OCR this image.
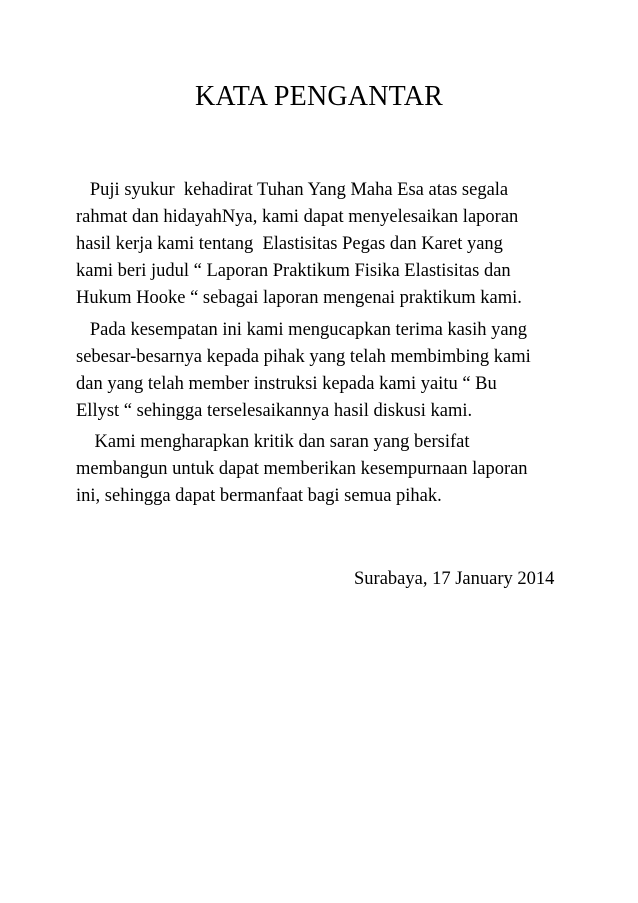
KATA PENGANTAR
Puji syukur  kehadirat Tuhan Yang Maha Esa atas segala
rahmat dan hidayahNya, kami dapat menyelesaikan laporan
hasil kerja kami tentang  Elastisitas Pegas dan Karet yang
kami beri judul “ Laporan Praktikum Fisika Elastisitas dan
Hukum Hooke “ sebagai laporan mengenai praktikum kami.
Pada kesempatan ini kami mengucapkan terima kasih yang
sebesar-besarnya kepada pihak yang telah membimbing kami
dan yang telah member instruksi kepada kami yaitu “ Bu
Ellyst “ sehingga terselesaikannya hasil diskusi kami.
Kami mengharapkan kritik dan saran yang bersifat
membangun untuk dapat memberikan kesempurnaan laporan
ini, sehingga dapat bermanfaat bagi semua pihak.
Surabaya, 17 January 2014
